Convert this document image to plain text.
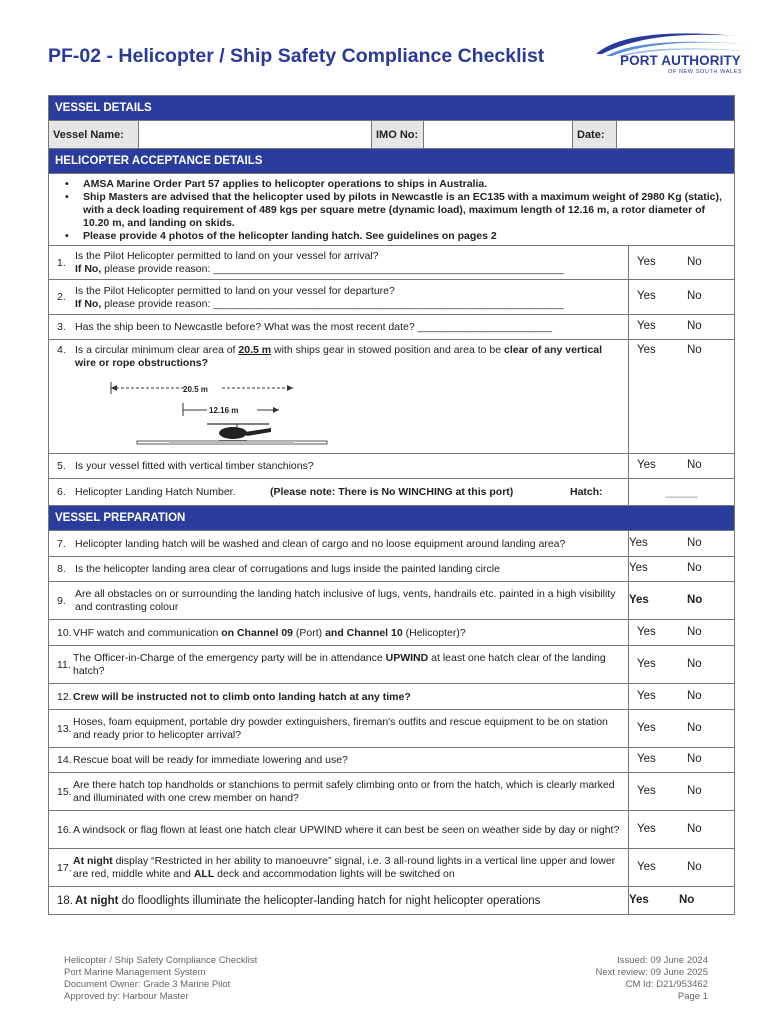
PF-02 - Helicopter / Ship Safety Compliance Checklist	PORT AUTHORITY
OF NEW SOUTH WALES
VESSEL DETAILS
Vessel Name:	IMO No:	Date:
HELICOPTER ACCEPTANCE DETAILS
• AMSA Marine Order Part 57 applies to helicopter operations to ships in Australia.
• Ship Masters are advised that the helicopter used by pilots in Newcastle is an EC135 with a maximum weight of 2980 Kg (static), with a deck loading requirement of 489 kgs per square metre (dynamic load), maximum length of 12.16 m, a rotor diameter of 10.20 m, and landing on skids.
• Please provide 4 photos of the helicopter landing hatch. See guidelines on pages 2
1.
Is the Pilot Helicopter permitted to land on your vessel for arrival?
If No, please provide reason: ____________________________________________________________
Yes	No
2.
Is the Pilot Helicopter permitted to land on your vessel for departure?
If No, please provide reason: ____________________________________________________________
Yes	No
3. Has the ship been to Newcastle before? What was the most recent date? _______________________	Yes	No
4. Is a circular minimum clear area of 20.5 m with ships gear in stowed position and area to be clear of any vertical wire or rope obstructions?
20.5 m
12.16 m
Yes	No
5. Is your vessel fitted with vertical timber stanchions?	Yes	No
6. Helicopter Landing Hatch Number.	(Please note: There is No WINCHING at this port)	Hatch:	_____
VESSEL PREPARATION
7. Helicopter landing hatch will be washed and clean of cargo and no loose equipment around landing area?	Yes	No
8. Is the helicopter landing area clear of corrugations and lugs inside the painted landing circle	Yes	No
9.
Are all obstacles on or surrounding the landing hatch inclusive of lugs, vents, handrails etc. painted in a high visibility and contrasting colour
Yes	No
10. VHF watch and communication on Channel 09 (Port) and Channel 10 (Helicopter)?	Yes	No
11.
The Officer-in-Charge of the emergency party will be in attendance UPWIND at least one hatch clear of the landing hatch?
Yes	No
12. Crew will be instructed not to climb onto landing hatch at any time?	Yes	No
13.
Hoses, foam equipment, portable dry powder extinguishers, fireman's outfits and rescue equipment to be on station and ready prior to helicopter arrival?
Yes	No
14. Rescue boat will be ready for immediate lowering and use?	Yes	No
15.
Are there hatch top handholds or stanchions to permit safely climbing onto or from the hatch, which is clearly marked and illuminated with one crew member on hand?
Yes	No
16. A windsock or flag flown at least one hatch clear UPWIND where it can best be seen on weather side by day or night? Yes	No
17.
At night display “Restricted in her ability to manoeuvre” signal, i.e. 3 all-round lights in a vertical line upper and lower are red, middle white and ALL deck and accommodation lights will be switched on
Yes	No
18. At night do floodlights illuminate the helicopter-landing hatch for night helicopter operations	Yes	No
Helicopter / Ship Safety Compliance Checklist
Port Marine Management System
Document Owner: Grade 3 Marine Pilot
Approved by: Harbour Master
Issued: 09 June 2024
Next review: 09 June 2025
CM Id: D21/953462
Page 1
